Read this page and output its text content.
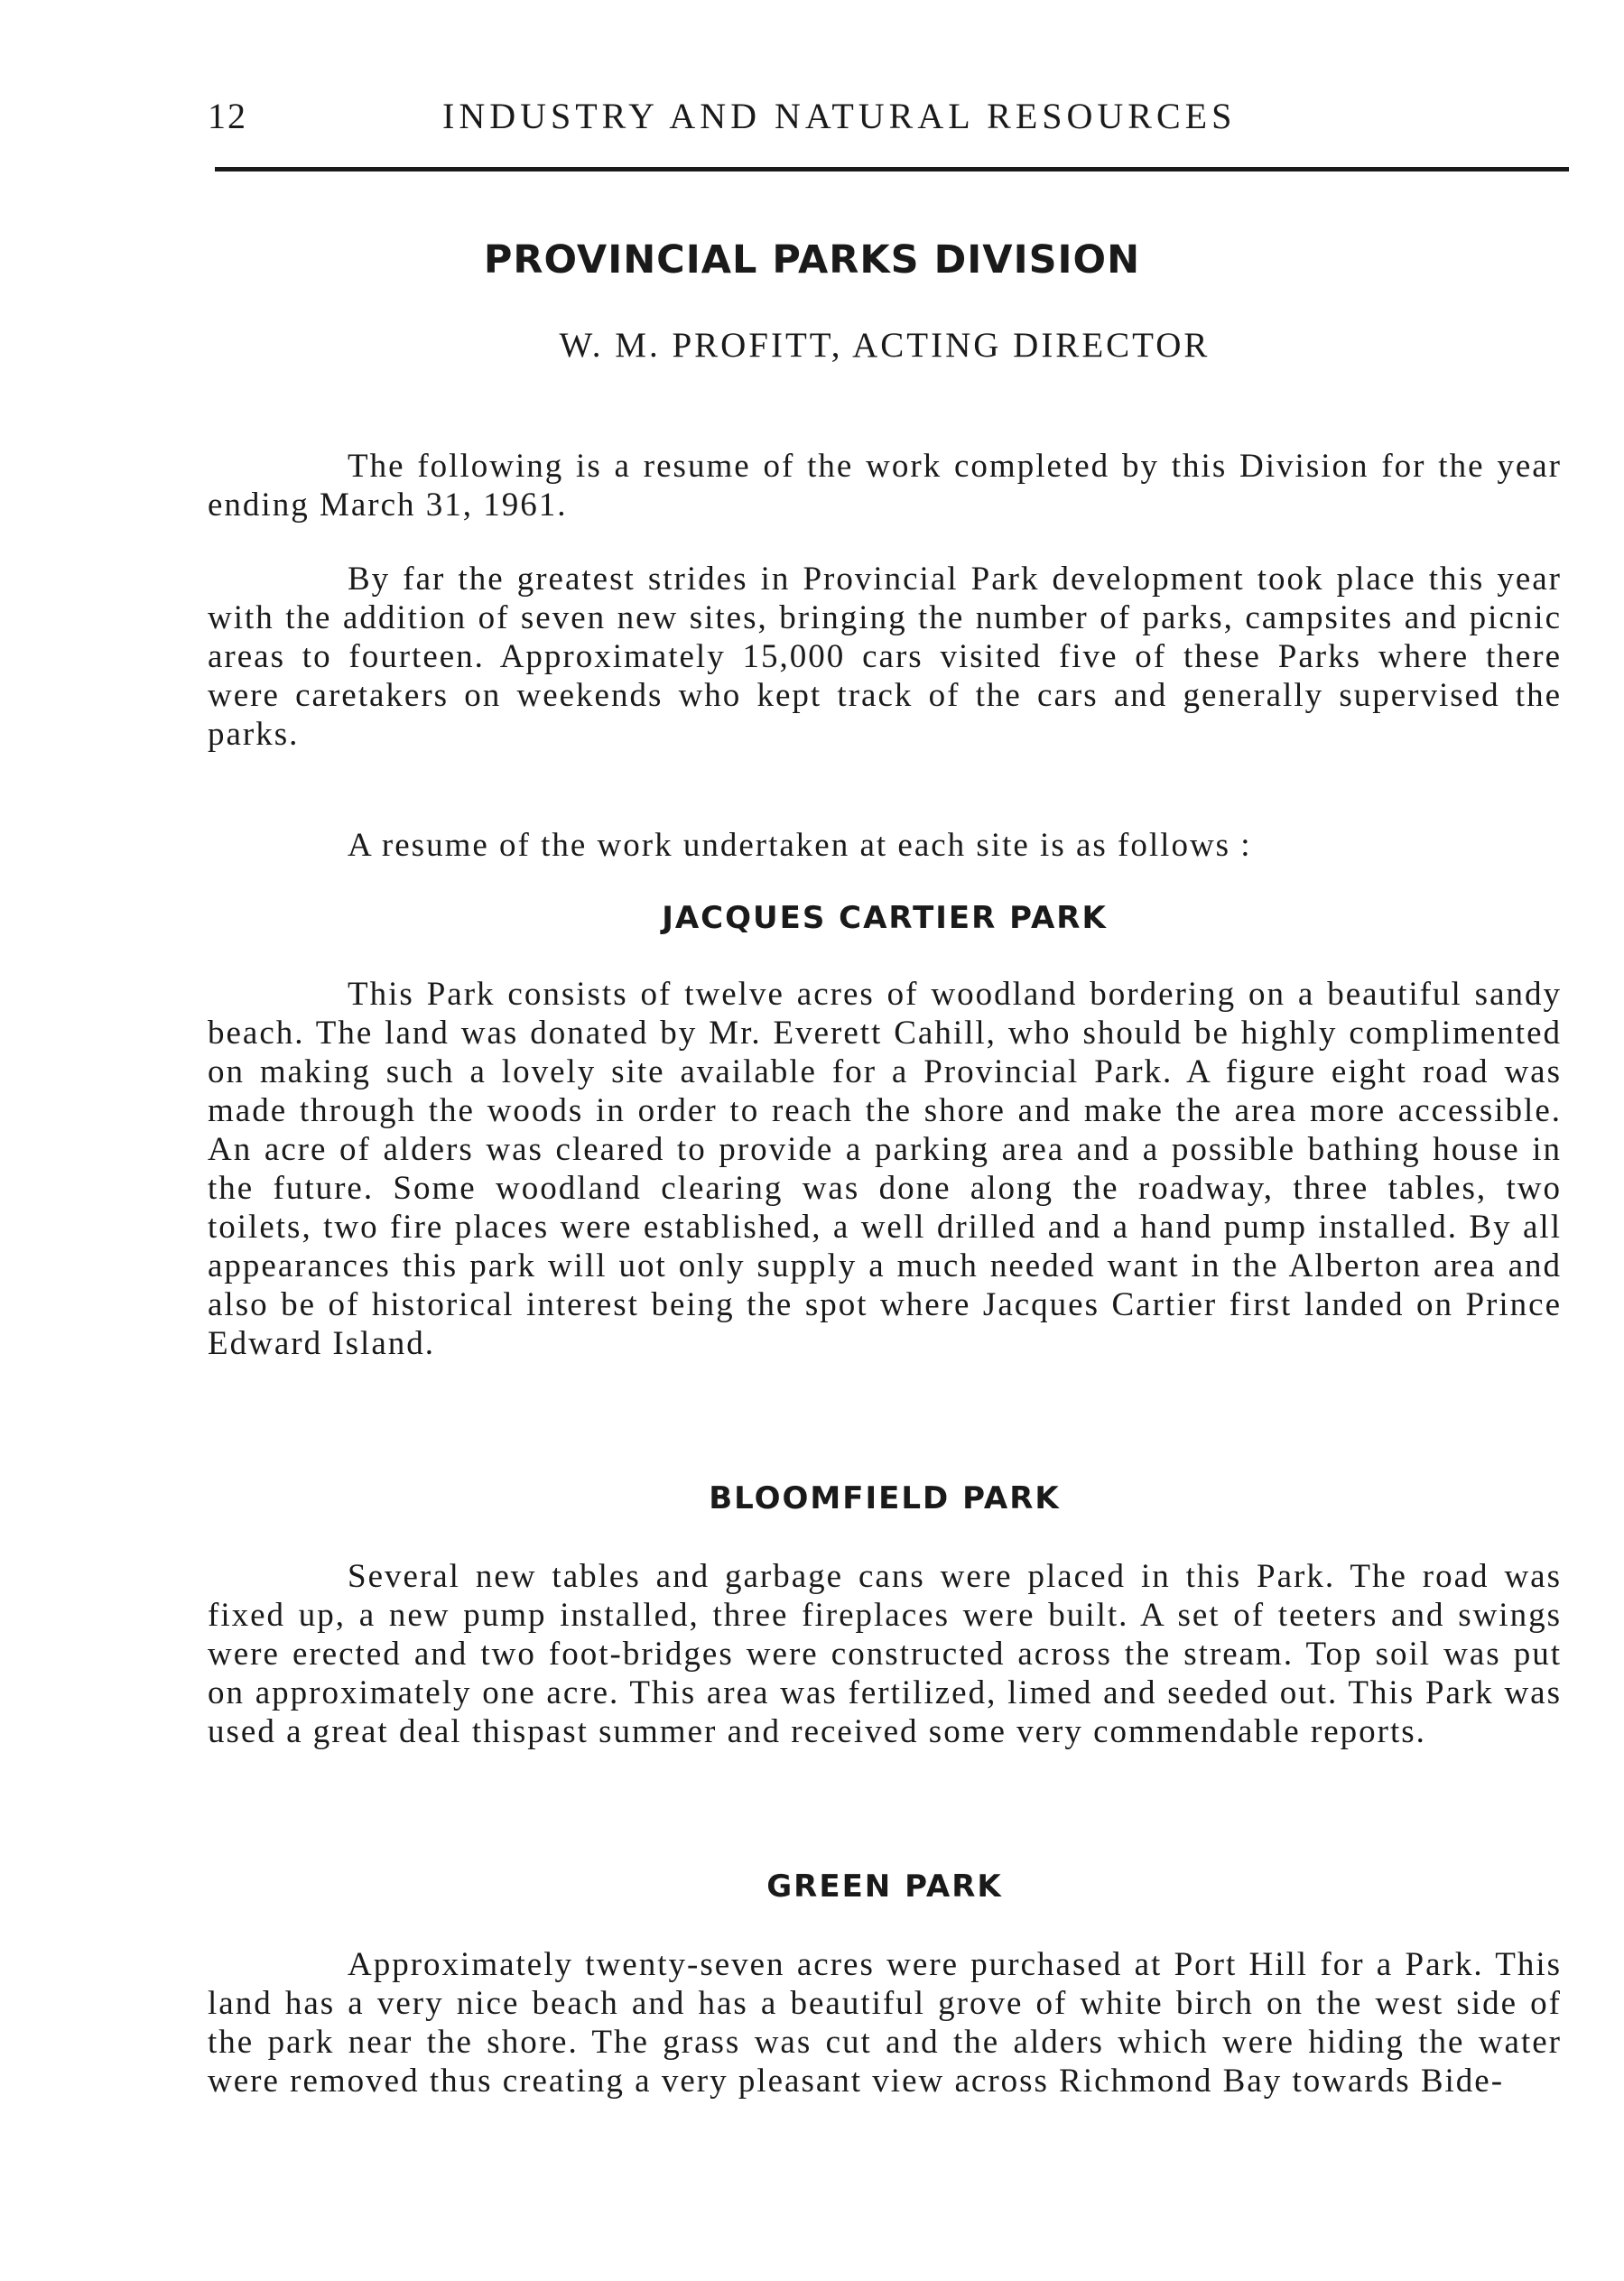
12	INDUSTRY AND NATURAL RESOURCES
PROVINCIAL PARKS DIVISION
W. M. PROFITT, ACTING DIRECTOR

The following is a resume of the work completed by this Division for the year ending March 31, 1961.

By far the greatest strides in Provincial Park development took place this year with the addition of seven new sites, bringing the number of parks, campsites and picnic areas to fourteen. Approximately 15,000 cars visited five of these Parks where there were caretakers on weekends who kept track of the cars and generally supervised the parks.

A resume of the work undertaken at each site is as follows :

JACQUES CARTIER PARK

This Park consists of twelve acres of woodland bordering on a beautiful sandy beach. The land was donated by Mr. Everett Cahill, who should be highly complimented on making such a lovely site available for a Provincial Park. A figure eight road was made through the woods in order to reach the shore and make the area more accessible. An acre of alders was cleared to provide a parking area and a possible bathing house in the future. Some woodland clearing was done along the roadway, three tables, two toilets, two fire places were established, a well drilled and a hand pump installed. By all appearances this park will uot only supply a much needed want in the Alberton area and also be of historical interest being the spot where Jacques Cartier first landed on Prince Edward Island.

BLOOMFIELD PARK

Several new tables and garbage cans were placed in this Park. The road was fixed up, a new pump installed, three fireplaces were built. A set of teeters and swings were erected and two foot-bridges were constructed across the stream. Top soil was put on approximately one acre. This area was fertilized, limed and seeded out. This Park was used a great deal thispast summer and received some very commendable reports.

GREEN PARK

Approximately twenty-seven acres were purchased at Port Hill for a Park. This land has a very nice beach and has a beautiful grove of white birch on the west side of the park near the shore. The grass was cut and the alders which were hiding the water were removed thus creating a very pleasant view across Richmond Bay towards Bide-
